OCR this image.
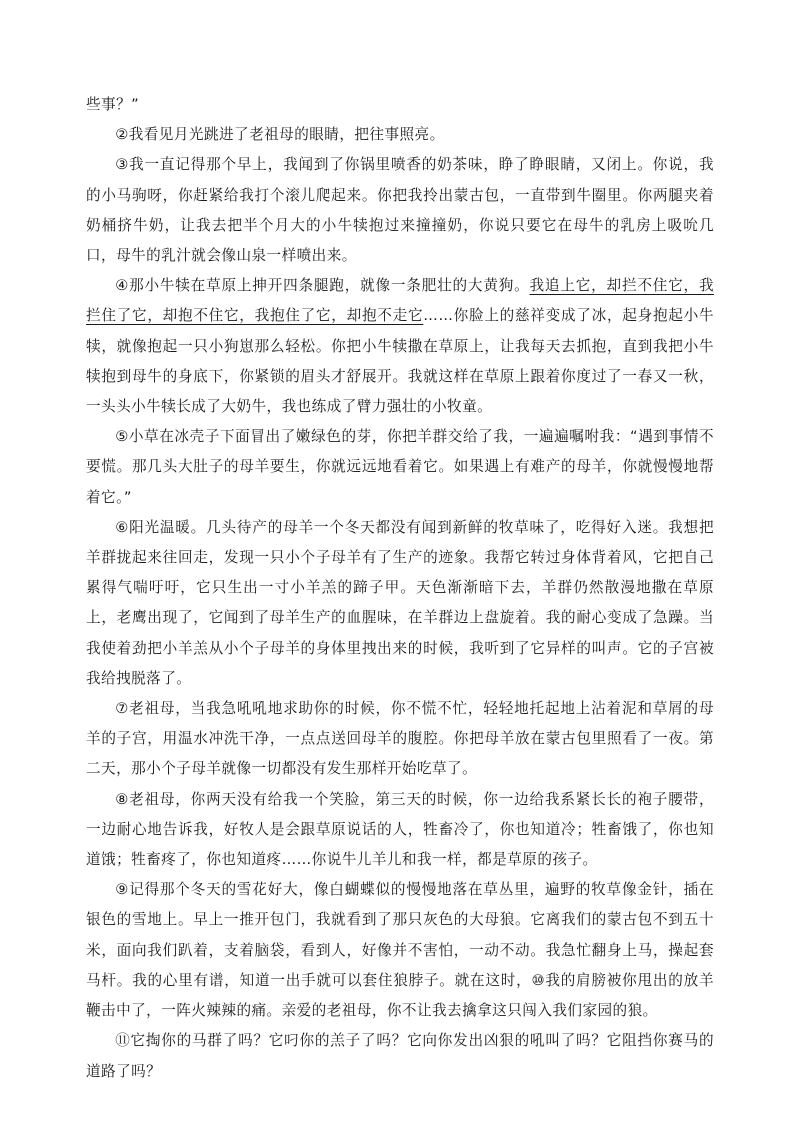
些事？”

②我看见月光跳进了老祖母的眼睛，把往事照亮。

③我一直记得那个早上，我闻到了你锅里喷香的奶茶味，睁了睁眼睛，又闭上。你说，我的小马驹呀，你赶紧给我打个滚儿爬起来。你把我拎出蒙古包，一直带到牛圈里。你两腿夹着奶桶挤牛奶，让我去把半个月大的小牛犊抱过来撞撞奶，你说只要它在母牛的乳房上吸吮几口，母牛的乳汁就会像山泉一样喷出来。

④那小牛犊在草原上抻开四条腿跑，就像一条肥壮的大黄狗。我追上它，却拦不住它，我拦住了它，却抱不住它，我抱住了它，却抱不走它……你脸上的慈祥变成了冰，起身抱起小牛犊，就像抱起一只小狗崽那么轻松。你把小牛犊撒在草原上，让我每天去抓抱，直到我把小牛犊抱到母牛的身底下，你紧锁的眉头才舒展开。我就这样在草原上跟着你度过了一春又一秋，一头头小牛犊长成了大奶牛，我也练成了臂力强壮的小牧童。

⑤小草在冰壳子下面冒出了嫩绿色的芽，你把羊群交给了我，一遍遍嘱咐我：“遇到事情不要慌。那几头大肚子的母羊要生，你就远远地看着它。如果遇上有难产的母羊，你就慢慢地帮着它。”

⑥阳光温暖。几头待产的母羊一个冬天都没有闻到新鲜的牧草味了，吃得好入迷。我想把羊群拢起来往回走，发现一只小个子母羊有了生产的迹象。我帮它转过身体背着风，它把自己累得气喘吁吁，它只生出一寸小羊羔的蹄子甲。天色渐渐暗下去，羊群仍然散漫地撒在草原上，老鹰出现了，它闻到了母羊生产的血腥味，在羊群边上盘旋着。我的耐心变成了急躁。当我使着劲把小羊羔从小个子母羊的身体里拽出来的时候，我听到了它异样的叫声。它的子宫被我给拽脱落了。

⑦老祖母，当我急吼吼地求助你的时候，你不慌不忙，轻轻地托起地上沾着泥和草屑的母羊的子宫，用温水冲洗干净，一点点送回母羊的腹腔。你把母羊放在蒙古包里照看了一夜。第二天，那小个子母羊就像一切都没有发生那样开始吃草了。

⑧老祖母，你两天没有给我一个笑脸，第三天的时候，你一边给我系紧长长的袍子腰带，一边耐心地告诉我，好牧人是会跟草原说话的人，牲畜冷了，你也知道冷；牲畜饿了，你也知道饿；牲畜疼了，你也知道疼……你说牛儿羊儿和我一样，都是草原的孩子。

⑨记得那个冬天的雪花好大，像白蝴蝶似的慢慢地落在草丛里，遍野的牧草像金针，插在银色的雪地上。早上一推开包门，我就看到了那只灰色的大母狼。它离我们的蒙古包不到五十米，面向我们趴着，支着脑袋，看到人，好像并不害怕，一动不动。我急忙翻身上马，操起套马杆。我的心里有谱，知道一出手就可以套住狼脖子。就在这时，⑩我的肩膀被你甩出的放羊鞭击中了，一阵火辣辣的痛。亲爱的老祖母，你不让我去擒拿这只闯入我们家园的狼。

⑪它掏你的马群了吗？它叼你的羔子了吗？它向你发出凶狠的吼叫了吗？它阻挡你赛马的道路了吗？
